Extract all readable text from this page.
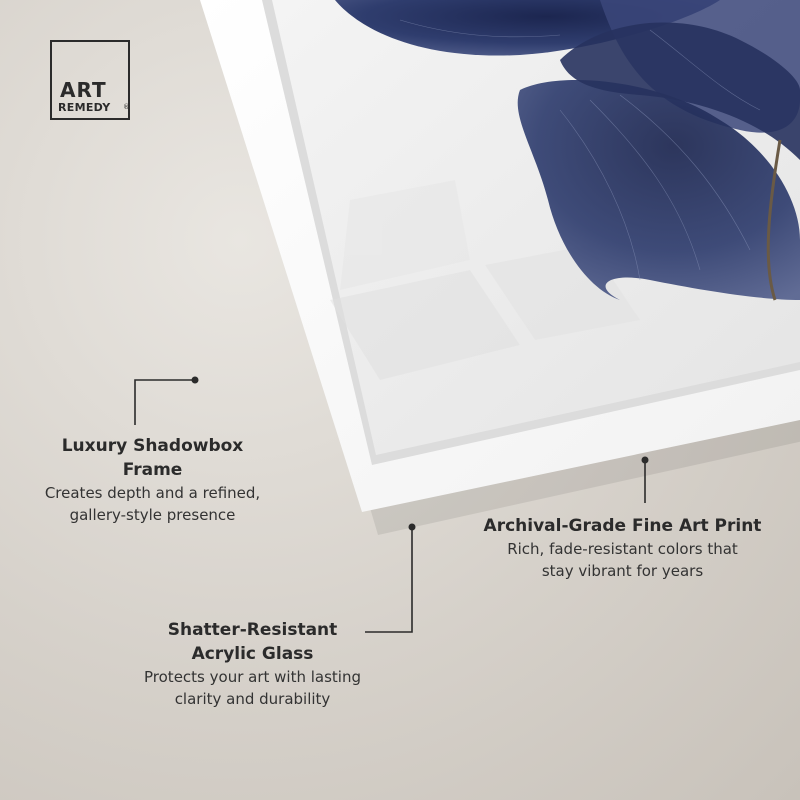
ART
REMEDY ®
Luxury Shadowbox
Frame
Creates depth and a refined,
gallery-style presence
Shatter-Resistant
Acrylic Glass
Protects your art with lasting
clarity and durability
Archival-Grade Fine Art Print
Rich, fade-resistant colors that
stay vibrant for years
